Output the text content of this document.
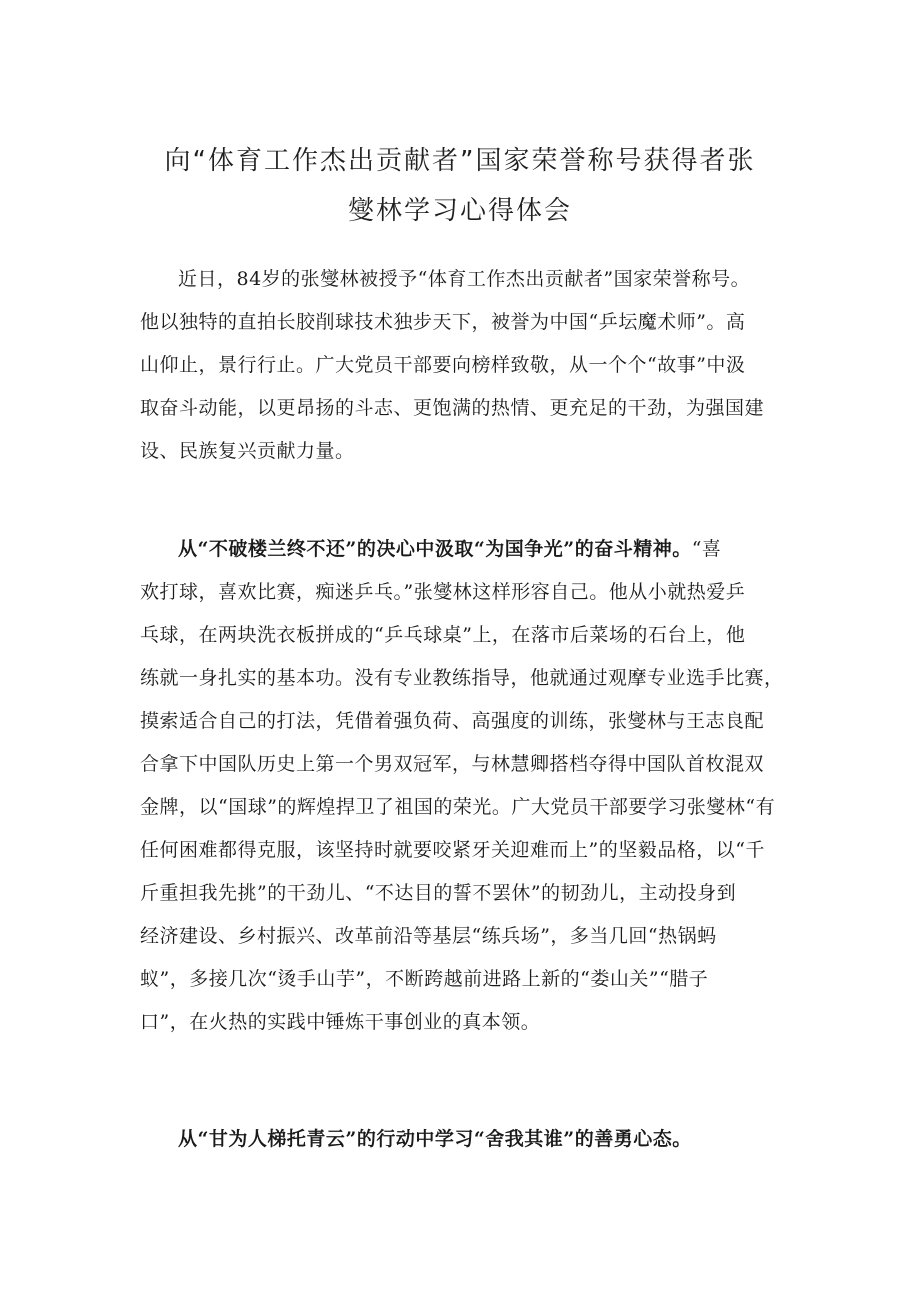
向“体育工作杰出贡献者”国家荣誉称号获得者张
燮林学习心得体会
近日，84岁的张燮林被授予“体育工作杰出贡献者”国家荣誉称号。
他以独特的直拍长胶削球技术独步天下，被誉为中国“乒坛魔术师”。高
山仰止，景行行止。广大党员干部要向榜样致敬，从一个个“故事”中汲
取奋斗动能，以更昂扬的斗志、更饱满的热情、更充足的干劲，为强国建
设、民族复兴贡献力量。
从“不破楼兰终不还”的决心中汲取“为国争光”的奋斗精神。“喜
欢打球，喜欢比赛，痴迷乒乓。”张燮林这样形容自己。他从小就热爱乒
乓球，在两块洗衣板拼成的“乒乓球桌”上，在落市后菜场的石台上，他
练就一身扎实的基本功。没有专业教练指导，他就通过观摩专业选手比赛，
摸索适合自己的打法，凭借着强负荷、高强度的训练，张燮林与王志良配
合拿下中国队历史上第一个男双冠军，与林慧卿搭档夺得中国队首枚混双
金牌，以“国球”的辉煌捍卫了祖国的荣光。广大党员干部要学习张燮林“有
任何困难都得克服，该坚持时就要咬紧牙关迎难而上”的坚毅品格，以“千
斤重担我先挑”的干劲儿、“不达目的誓不罢休”的韧劲儿，主动投身到
经济建设、乡村振兴、改革前沿等基层“练兵场”，多当几回“热锅蚂
蚁”，多接几次“烫手山芋”，不断跨越前进路上新的“娄山关”“腊子
口”，在火热的实践中锤炼干事创业的真本领。
从“甘为人梯托青云”的行动中学习“舍我其谁”的善勇心态。
